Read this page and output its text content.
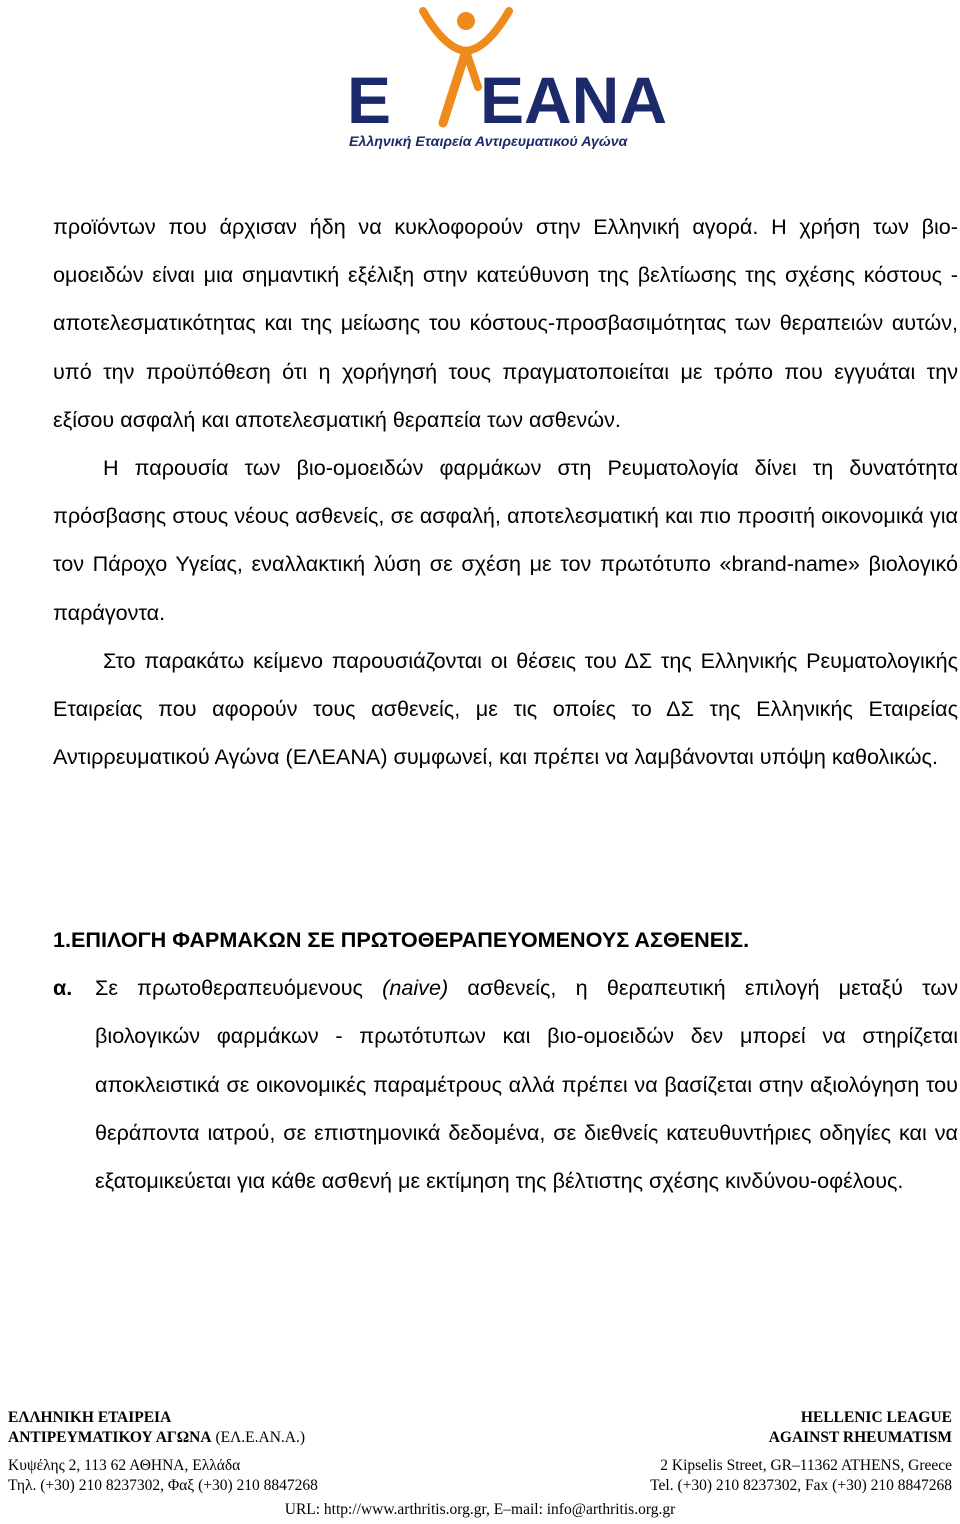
Ε ΕΑΝΑ
Ελληνική Εταιρεία Αντιρευματικού Αγώνα

προϊόντων που άρχισαν ήδη να κυκλοφορούν στην Ελληνική αγορά. Η χρήση των βιο-ομοειδών είναι μια σημαντική εξέλιξη στην κατεύθυνση της βελτίωσης της σχέσης κόστους - αποτελεσματικότητας και της μείωσης του κόστους-προσβασιμότητας των θεραπειών αυτών, υπό την προϋπόθεση ότι η χορήγησή τους πραγματοποιείται με τρόπο που εγγυάται την εξίσου ασφαλή και αποτελεσματική θεραπεία των ασθενών.

Η παρουσία των βιο-ομοειδών φαρμάκων στη Ρευματολογία δίνει τη δυνατότητα πρόσβασης στους νέους ασθενείς, σε ασφαλή, αποτελεσματική και πιο προσιτή οικονομικά για τον Πάροχο Υγείας, εναλλακτική λύση σε σχέση με τον πρωτότυπο «brand-name» βιολογικό παράγοντα.

Στο παρακάτω κείμενο παρουσιάζονται οι θέσεις του ΔΣ της Ελληνικής Ρευματολογικής Εταιρείας που αφορούν τους ασθενείς, με τις οποίες το ΔΣ της Ελληνικής Εταιρείας Αντιρρευματικού Αγώνα (ΕΛΕΑΝΑ) συμφωνεί, και πρέπει να λαμβάνονται υπόψη καθολικώς.

1.ΕΠΙΛΟΓΗ ΦΑΡΜΑΚΩΝ ΣΕ ΠΡΩΤΟΘΕΡΑΠΕΥΟΜΕΝΟΥΣ ΑΣΘΕΝΕΙΣ.
α. Σε πρωτοθεραπευόμενους (naive) ασθενείς, η θεραπευτική επιλογή μεταξύ των βιολογικών φαρμάκων - πρωτότυπων και βιο-ομοειδών δεν μπορεί να στηρίζεται αποκλειστικά σε οικονομικές παραμέτρους αλλά πρέπει να βασίζεται στην αξιολόγηση του θεράποντα ιατρού, σε επιστημονικά δεδομένα, σε διεθνείς κατευθυντήριες οδηγίες και να εξατομικεύεται για κάθε ασθενή με εκτίμηση της βέλτιστης σχέσης κινδύνου-οφέλους.
ΕΛΛΗΝΙΚΗ ΕΤΑΙΡΕΙΑ
ΑΝΤΙΡΕΥΜΑΤΙΚΟΥ ΑΓΩΝΑ (ΕΛ.Ε.ΑΝ.Α.)
HELLENIC LEAGUE
AGAINST RHEUMATISM
Κυψέλης 2, 113 62 ΑΘΗΝΑ, Ελλάδα
Τηλ. (+30) 210 8237302, Φαξ (+30) 210 8847268
2 Kipselis Street, GR–11362 ATHENS, Greece
Tel. (+30) 210 8237302, Fax (+30) 210 8847268
URL: http://www.arthritis.org.gr, E–mail: info@arthritis.org.gr
